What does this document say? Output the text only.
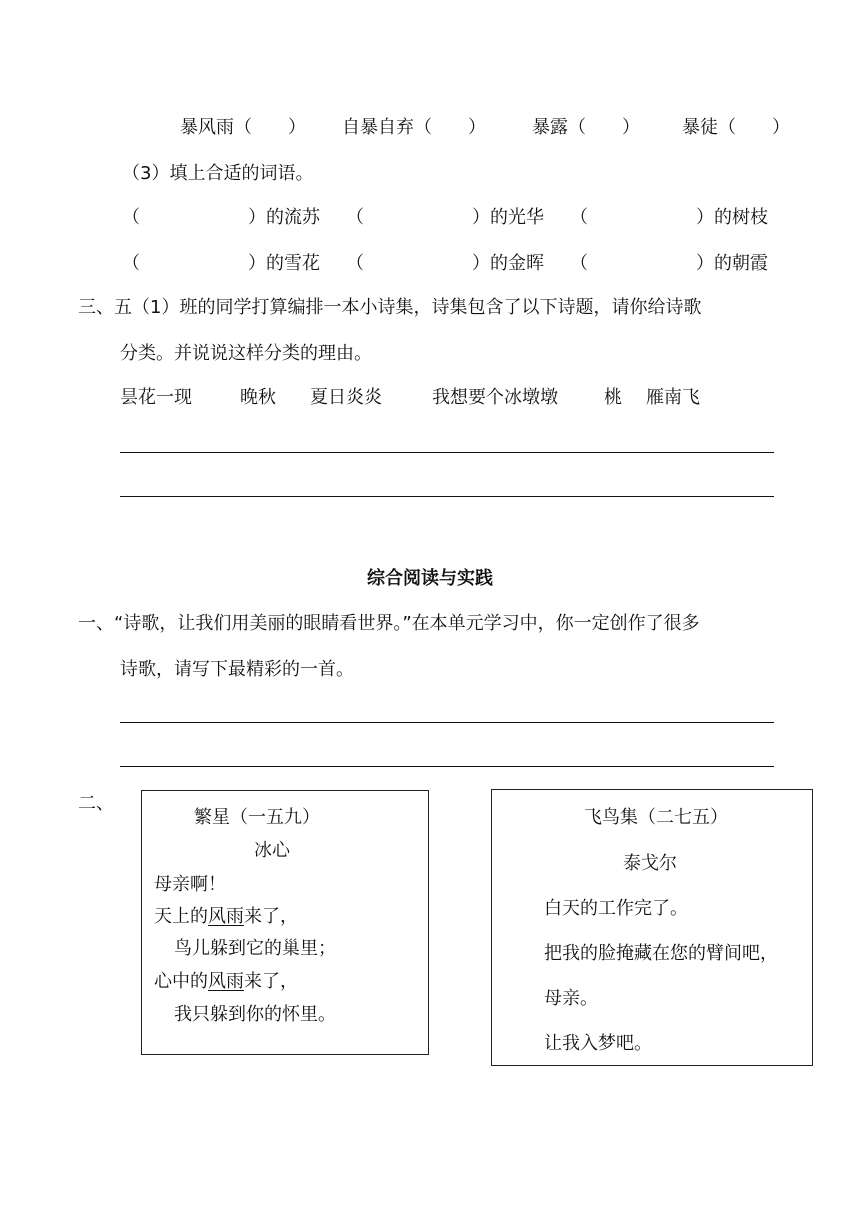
暴风雨（　　） 自暴自弃（　　）	暴露（　　） 暴徒（　　）
（3）填上合适的词语。
（　　　　　　）的流苏 （　　　　　　）的光华 （　　　　　　）的树枝
（　　　　　　）的雪花 （　　　　　　）的金晖 （　　　　　　）的朝霞
三、五（1）班的同学打算编排一本小诗集，诗集包含了以下诗题，请你给诗歌
分类。并说说这样分类的理由。
昙花一现	晚秋 夏日炎炎	我想要个冰墩墩	桃 雁南飞
综合阅读与实践
一、“诗歌，让我们用美丽的眼睛看世界。”在本单元学习中，你一定创作了很多
诗歌，请写下最精彩的一首。
二、
繁星（一五九）
冰心
母亲啊！
天上的风雨来了，
鸟儿躲到它的巢里；
心中的风雨来了，
我只躲到你的怀里。
飞鸟集（二七五）
泰戈尔
白天的工作完了。
把我的脸掩藏在您的臂间吧，
母亲。
让我入梦吧。
